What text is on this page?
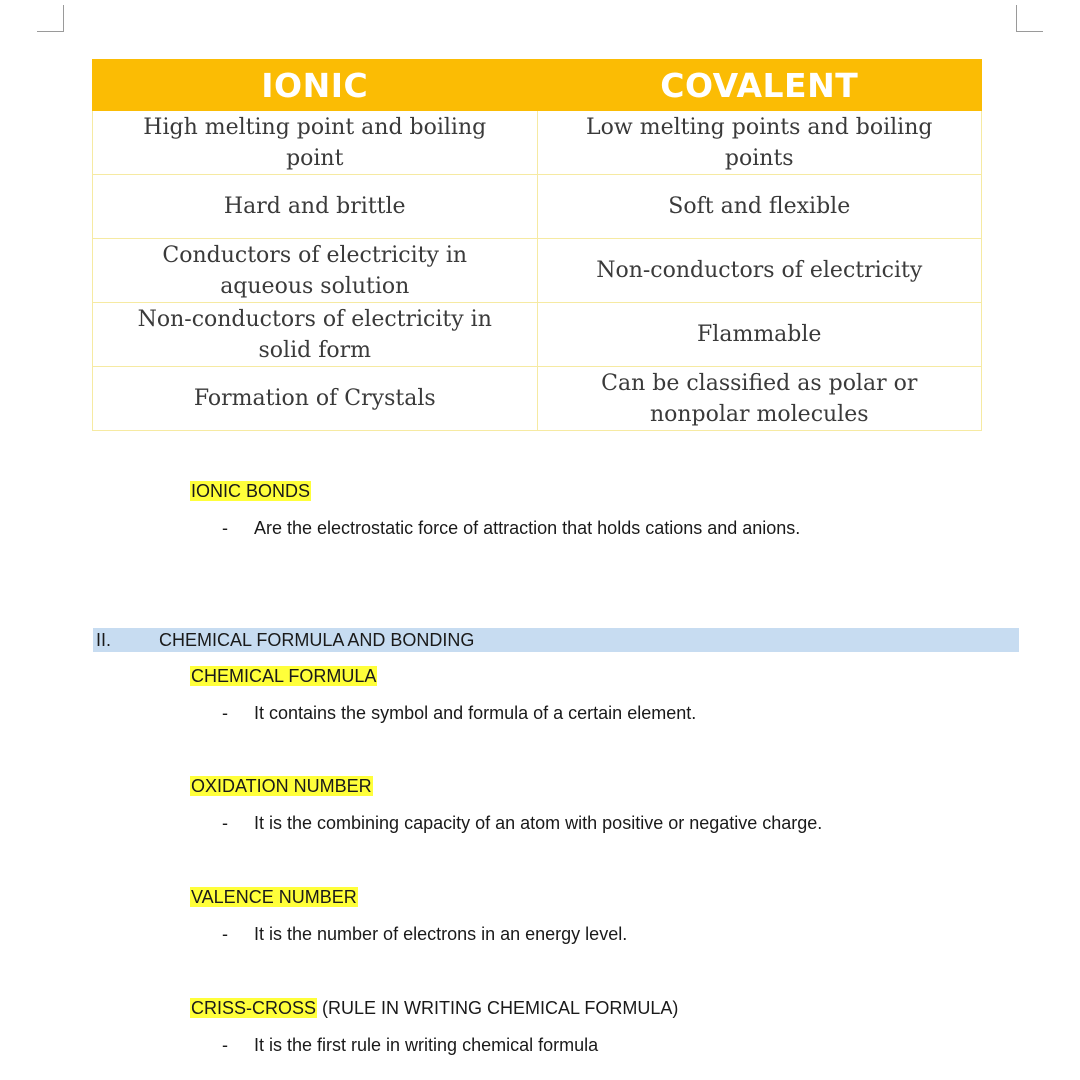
IONIC	COVALENT
High melting point and boiling point	Low melting points and boiling points
Hard and brittle	Soft and flexible
Conductors of electricity in aqueous solution	Non-conductors of electricity
Non-conductors of electricity in solid form	Flammable
Formation of Crystals	Can be classified as polar or nonpolar molecules
IONIC BONDS
- Are the electrostatic force of attraction that holds cations and anions.
II.	CHEMICAL FORMULA AND BONDING
CHEMICAL FORMULA
- It contains the symbol and formula of a certain element.
OXIDATION NUMBER
- It is the combining capacity of an atom with positive or negative charge.
VALENCE NUMBER
- It is the number of electrons in an energy level.
CRISS-CROSS (RULE IN WRITING CHEMICAL FORMULA)
- It is the first rule in writing chemical formula
